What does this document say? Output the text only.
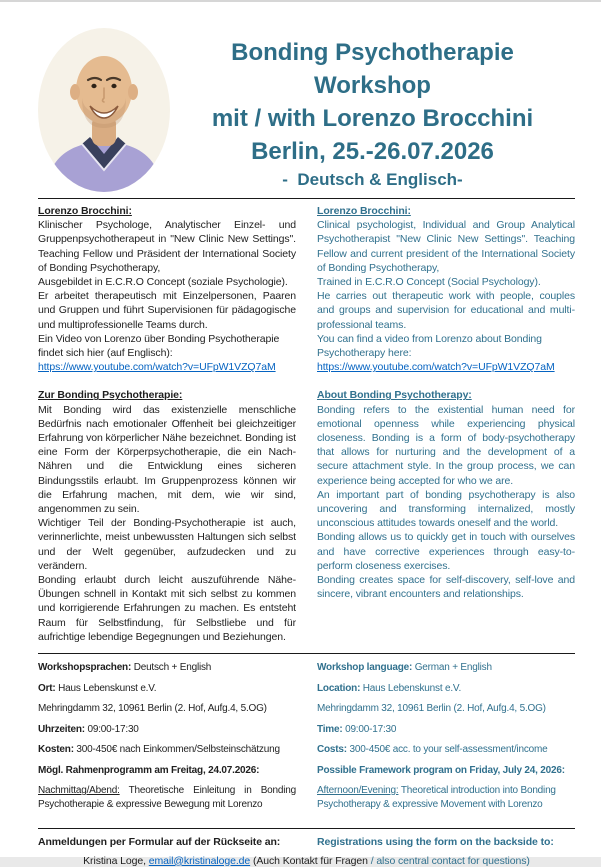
Bonding Psychotherapie
Workshop
mit / with Lorenzo Brocchini
Berlin, 25.-26.07.2026
-  Deutsch & Englisch-

Lorenzo Brocchini:

Klinischer Psychologe, Analytischer Einzel- und Gruppenpsychotherapeut in "New Clinic New Settings". Teaching Fellow und Präsident der International Society of Bonding Psychotherapy,

Ausgebildet in E.C.R.O Concept (soziale Psychologie).

Er arbeitet therapeutisch mit Einzelpersonen, Paaren und Gruppen und führt Supervisionen für pädagogische und multiprofessionelle Teams durch.

Ein Video von Lorenzo über Bonding Psychotherapie findet sich hier (auf Englisch):

https://www.youtube.com/watch?v=UFpW1VZQ7aM

Lorenzo Brocchini:

Clinical psychologist, Individual and Group Analytical Psychotherapist "New Clinic New Settings". Teaching Fellow and current president of the International Society of Bonding Psychotherapy,

Trained in E.C.R.O Concept (Social Psychology).

He carries out therapeutic work with people, couples and groups and supervision for educational and multi-professional teams.

You can find a video from Lorenzo about Bonding Psychotherapy here:

https://www.youtube.com/watch?v=UFpW1VZQ7aM

Zur Bonding Psychotherapie:

Mit Bonding wird das existenzielle menschliche Bedürfnis nach emotionaler Offenheit bei gleichzeitiger Erfahrung von körperlicher Nähe bezeichnet. Bonding ist eine Form der Körperpsychotherapie, die ein Nach-Nähren und die Entwicklung eines sicheren Bindungsstils erlaubt. Im Gruppenprozess können wir die Erfahrung machen, mit dem, wie wir sind, angenommen zu sein.

Wichtiger Teil der Bonding-Psychotherapie ist auch, verinnerlichte, meist unbewussten Haltungen sich selbst und der Welt gegenüber, aufzudecken und zu verändern.

Bonding erlaubt durch leicht auszuführende Nähe-Übungen schnell in Kontakt mit sich selbst zu kommen und korrigierende Erfahrungen zu machen. Es entsteht Raum für Selbstfindung, für Selbstliebe und für aufrichtige lebendige Begegnungen und Beziehungen.

About Bonding Psychotherapy:

Bonding refers to the existential human need for emotional openness while experiencing physical closeness. Bonding is a form of body-psychotherapy that allows for nurturing and the development of a secure attachment style. In the group process, we can experience being accepted for who we are.

An important part of bonding psychotherapy is also uncovering and transforming internalized, mostly unconscious attitudes towards oneself and the world.

Bonding allows us to quickly get in touch with ourselves and have corrective experiences through easy-to-perform closeness exercises.

Bonding creates space for self-discovery, self-love and sincere, vibrant encounters and relationships.

Workshopsprachen: Deutsch + English

Ort: Haus Lebenskunst e.V.

Mehringdamm 32, 10961 Berlin (2. Hof, Aufg.4, 5.OG)

Uhrzeiten: 09:00-17:30

Kosten: 300-450€ nach Einkommen/Selbsteinschätzung

Mögl. Rahmenprogramm am Freitag, 24.07.2026:

Nachmittag/Abend: Theoretische Einleitung in Bonding Psychotherapie & expressive Bewegung mit Lorenzo

Workshop language: German + English

Location: Haus Lebenskunst e.V.

Mehringdamm 32, 10961 Berlin (2. Hof, Aufg.4, 5.OG)

Time: 09:00-17:30

Costs: 300-450€ acc. to your self-assessment/income

Possible Framework program on Friday, July 24, 2026:

Afternoon/Evening: Theoretical introduction into Bonding Psychotherapy & expressive Movement with Lorenzo

Anmeldungen per Formular auf der Rückseite an:	Registrations using the form on the backside to:

Kristina Loge, email@kristinaloge.de (Auch Kontakt für Fragen / also central contact for questions)
